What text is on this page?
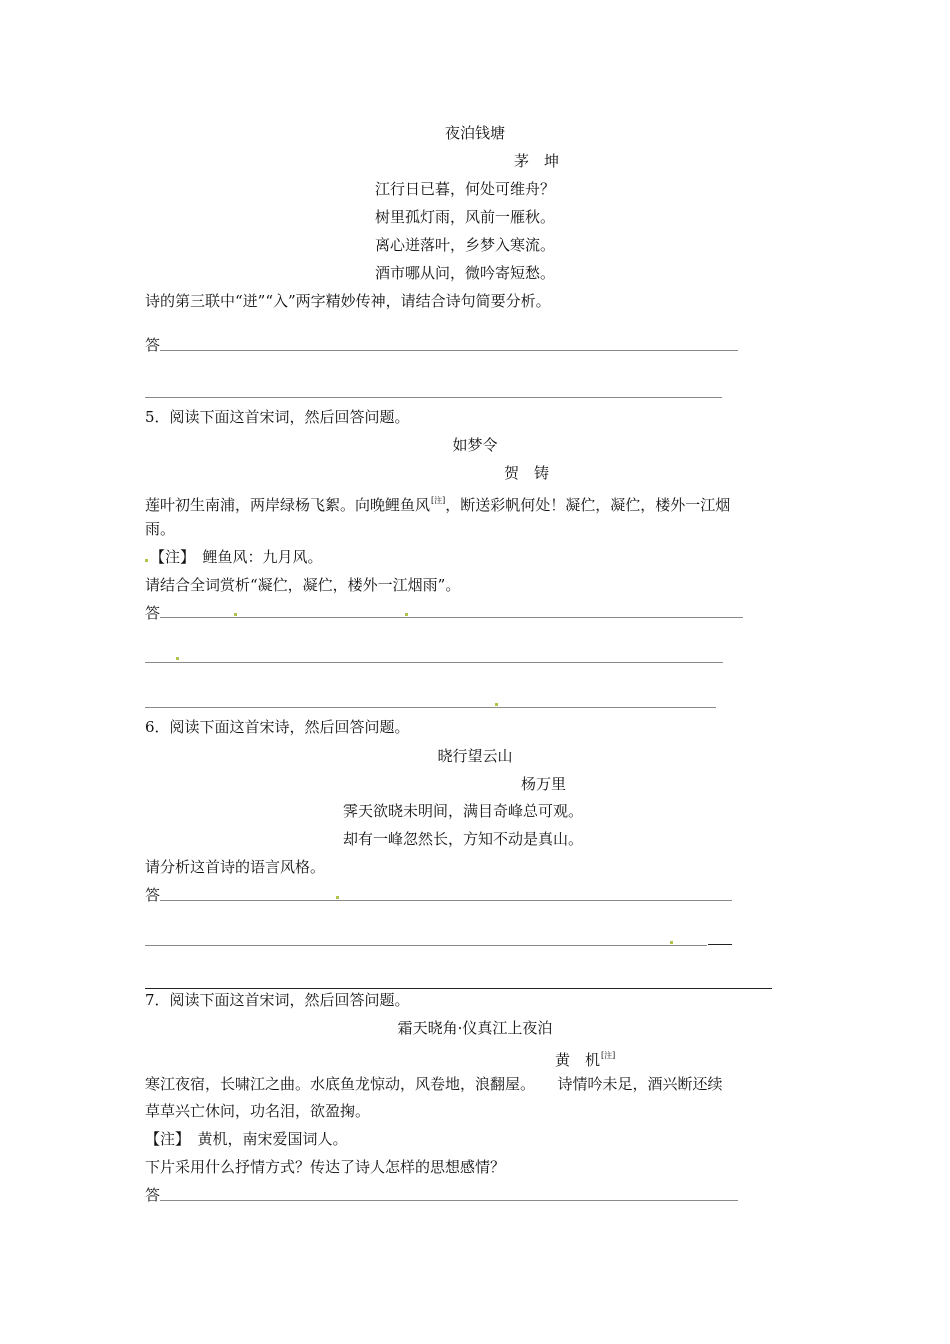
夜泊钱塘
茅　坤
江行日已暮，何处可维舟？
树里孤灯雨，风前一雁秋。
离心迸落叶，乡梦入寒流。
酒市哪从问，微吟寄短愁。
诗的第三联中“迸”“入”两字精妙传神，请结合诗句简要分析。
答
5．阅读下面这首宋词，然后回答问题。
如梦令
贺　铸
莲叶初生南浦，两岸绿杨飞絮。向晚鲤鱼风[注]，断送彩帆何处！凝伫，凝伫，楼外一江烟
雨。
【注】　鲤鱼风：九月风。
请结合全词赏析“凝伫，凝伫，楼外一江烟雨”。
答
6．阅读下面这首宋诗，然后回答问题。
晓行望云山
杨万里
霁天欲晓未明间，满目奇峰总可观。
却有一峰忽然长，方知不动是真山。
请分析这首诗的语言风格。
答
7．阅读下面这首宋词，然后回答问题。
霜天晓角·仪真江上夜泊
黄　机[注]
寒江夜宿，长啸江之曲。水底鱼龙惊动，风卷地，浪翻屋。　　诗情吟未足，酒兴断还续
草草兴亡休问，功名泪，欲盈掬。
【注】　黄机，南宋爱国词人。
下片采用什么抒情方式？传达了诗人怎样的思想感情？
答
